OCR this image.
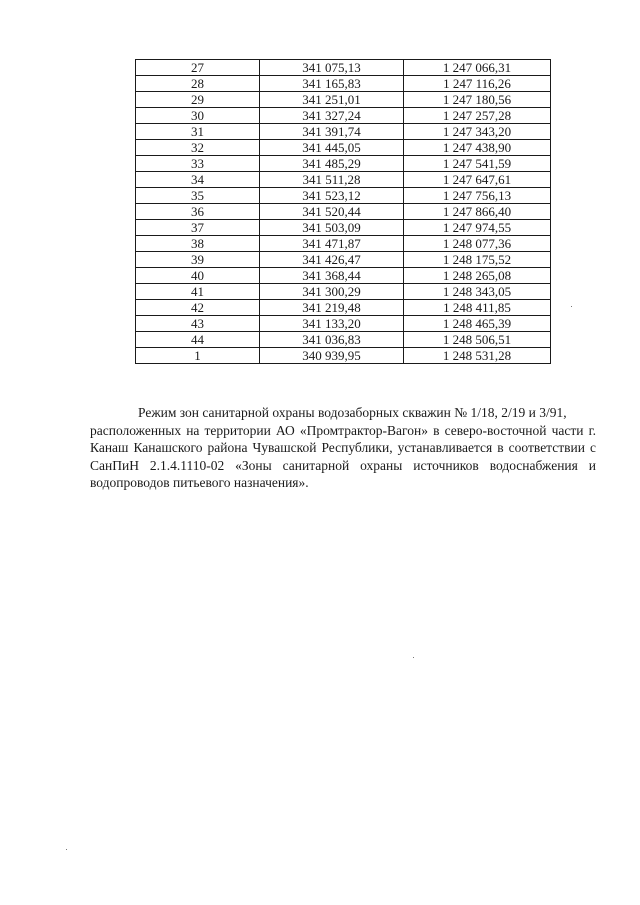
27	341 075,13	1 247 066,31
28	341 165,83	1 247 116,26
29	341 251,01	1 247 180,56
30	341 327,24	1 247 257,28
31	341 391,74	1 247 343,20
32	341 445,05	1 247 438,90
33	341 485,29	1 247 541,59
34	341 511,28	1 247 647,61
35	341 523,12	1 247 756,13
36	341 520,44	1 247 866,40
37	341 503,09	1 247 974,55
38	341 471,87	1 248 077,36
39	341 426,47	1 248 175,52
40	341 368,44	1 248 265,08
41	341 300,29	1 248 343,05
42	341 219,48	1 248 411,85
43	341 133,20	1 248 465,39
44	341 036,83	1 248 506,51
1	340 939,95	1 248 531,28

Режим зон санитарной охраны водозаборных скважин № 1/18, 2/19 и 3/91,
расположенных на территории АО «Промтрактор-Вагон» в северо-восточной части г. Канаш Канашского района Чувашской Республики, устанавливается в соответствии с СанПиН 2.1.4.1110-02 «Зоны санитарной охраны источников водоснабжения и водопроводов питьевого назначения».
